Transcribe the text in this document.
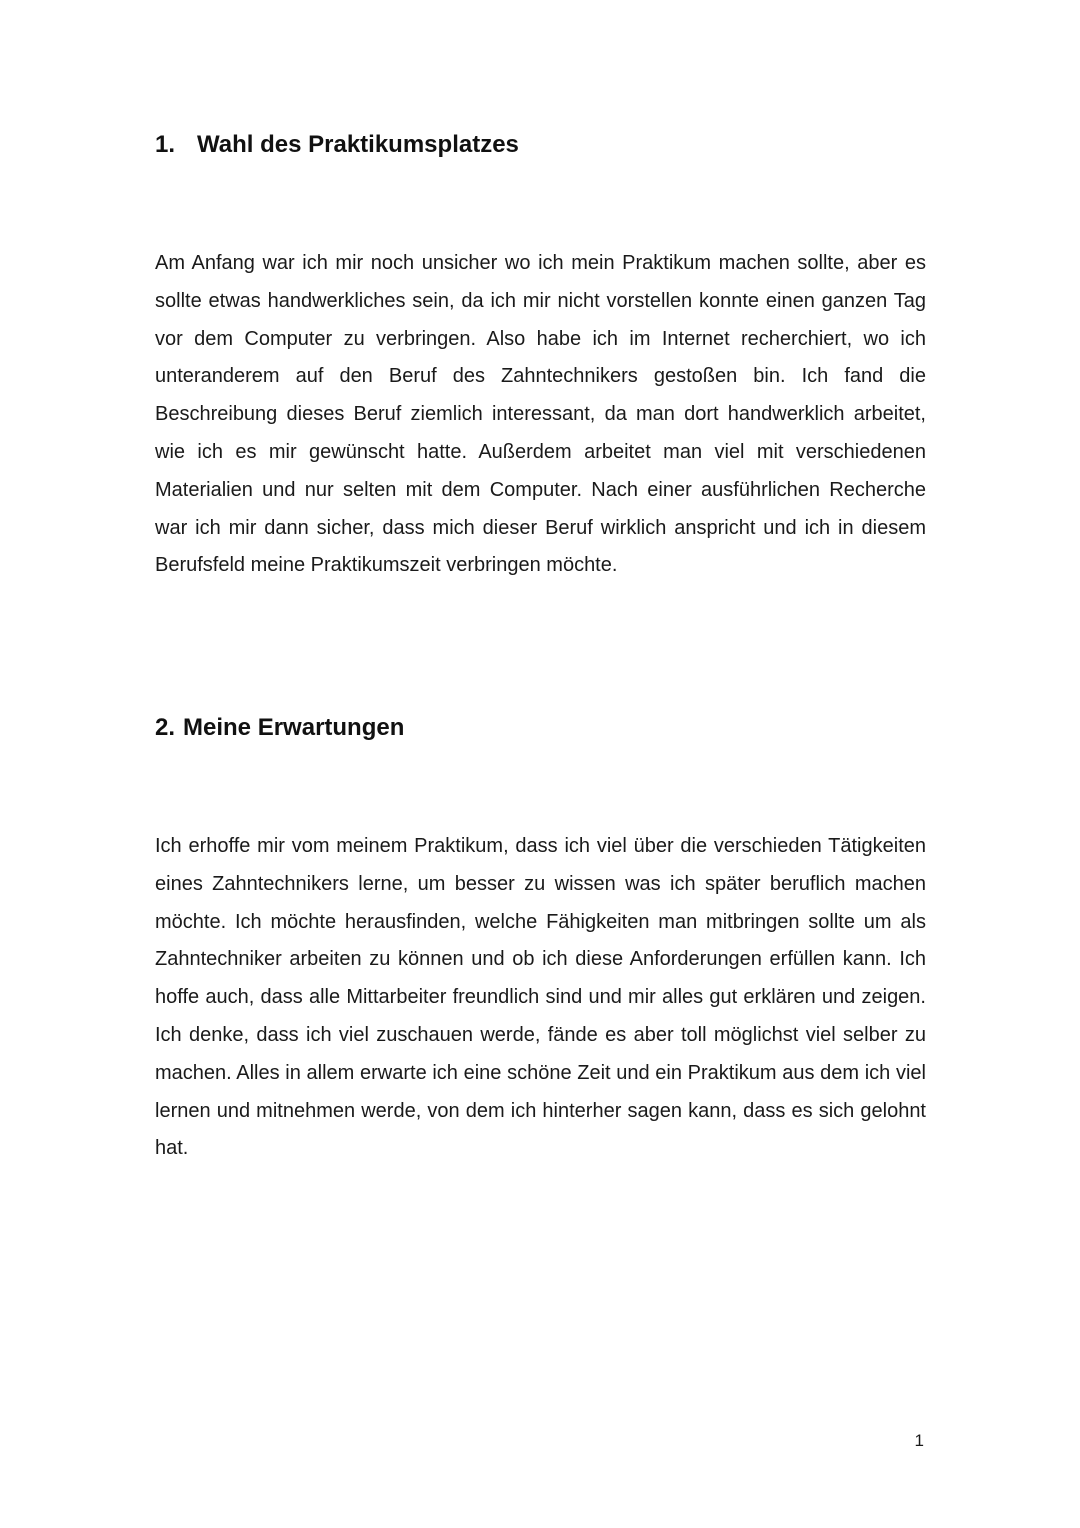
1. Wahl des Praktikumsplatzes

Am Anfang war ich mir noch unsicher wo ich mein Praktikum machen sollte, aber es sollte etwas handwerkliches sein, da ich mir nicht vorstellen konnte einen ganzen Tag vor dem Computer zu verbringen. Also habe ich im Internet recherchiert, wo ich unteranderem auf den Beruf des Zahntechnikers gestoßen bin. Ich fand die Beschreibung dieses Beruf ziemlich interessant, da man dort handwerklich arbeitet, wie ich es mir gewünscht hatte. Außerdem arbeitet man viel mit verschiedenen Materialien und nur selten mit dem Computer. Nach einer ausführlichen Recherche war ich mir dann sicher, dass mich dieser Beruf wirklich anspricht und ich in diesem Berufsfeld meine Praktikumszeit verbringen möchte.

2. Meine Erwartungen

Ich erhoffe mir vom meinem Praktikum, dass ich viel über die verschieden Tätigkeiten eines Zahntechnikers lerne, um besser zu wissen was ich später beruflich machen möchte. Ich möchte herausfinden, welche Fähigkeiten man mitbringen sollte um als Zahntechniker arbeiten zu können und ob ich diese Anforderungen erfüllen kann. Ich hoffe auch, dass alle Mittarbeiter freundlich sind und mir alles gut erklären und zeigen. Ich denke, dass ich viel zuschauen werde, fände es aber toll möglichst viel selber zu machen. Alles in allem erwarte ich eine schöne Zeit und ein Praktikum aus dem ich viel lernen und mitnehmen werde, von dem ich hinterher sagen kann, dass es sich gelohnt hat.

1
